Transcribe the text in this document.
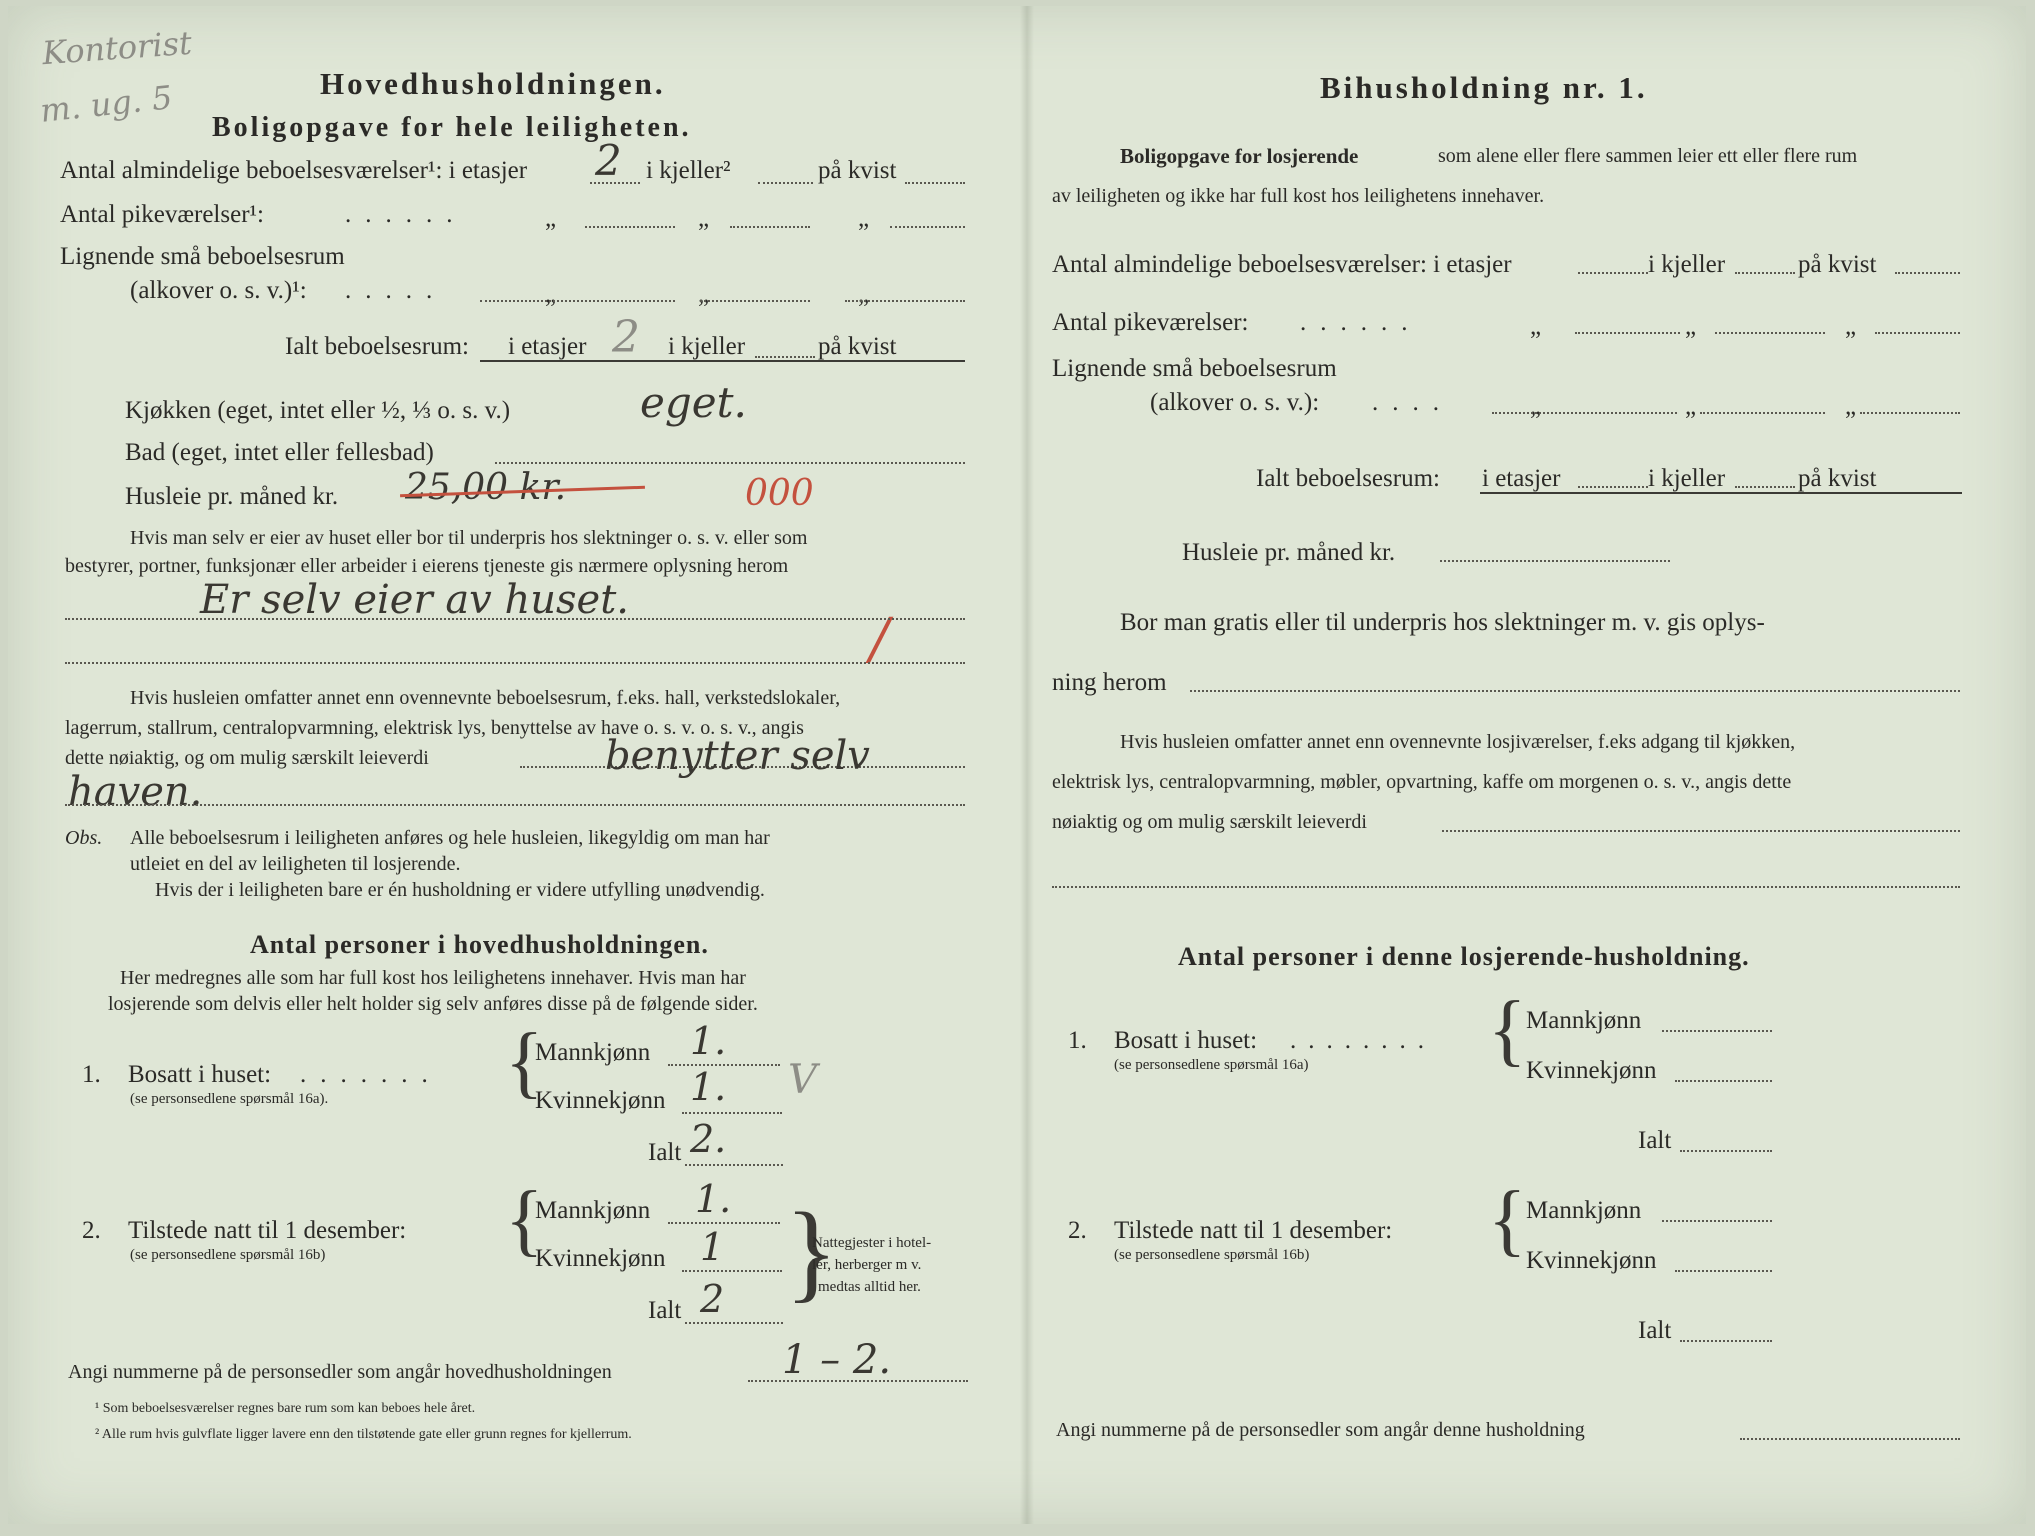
Kontorist
m. ug. 5	Hovedhusholdningen.
Boligopgave for hele leiligheten.
Antal almindelige beboelsesværelser¹: i etasjer 2 i kjeller²	på kvist
Antal pikeværelser¹:	......	„	„	„
Lignende små beboelsesrum
(alkover o. s. v.)¹: .....	„	„	„
Ialt beboelsesrum: i etasjer 2 i kjeller	på kvist
Kjøkken (eget, intet eller ½, ⅓ o. s. v.)	eget.
Bad (eget, intet eller fellesbad)
Husleie pr. måned kr. 25,00 kr.	000
Hvis man selv er eier av huset eller bor til underpris hos slektninger o. s. v. eller som
bestyrer, portner, funksjonær eller arbeider i eierens tjeneste gis nærmere oplysning herom
Er selv eier av huset.
/
Hvis husleien omfatter annet enn ovennevnte beboelsesrum, f.eks. hall, verkstedslokaler,
lagerrum, stallrum, centralopvarmning, elektrisk lys, benyttelse av have o. s. v. o. s. v., angis
dette nøiaktig, og om mulig særskilt leieverdi	benytter selv
haven.
Obs. Alle beboelsesrum i leiligheten anføres og hele husleien, likegyldig om man har
utleiet en del av leiligheten til losjerende.
Hvis der i leiligheten bare er én husholdning er videre utfylling unødvendig.
Antal personer i hovedhusholdningen.
Her medregnes alle som har full kost hos leilighetens innehaver. Hvis man har
losjerende som delvis eller helt holder sig selv anføres disse på de følgende sider.
1. Bosatt i huset: .......
(se personsedlene spørsmål 16a). {
Mannkjønn 1.
Kvinnekjønn 1. V
Ialt 2.
2. Tilstede natt til 1 desember:
(se personsedlene spørsmål 16b) {
Mannkjønn 1.
Kvinnekjønn 1
Ialt 2 }
Nattegjester i hotel-
ler, herberger m v.
medtas alltid her.
Angi nummerne på de personsedler som angår hovedhusholdningen	1 – 2.
¹ Som beboelsesværelser regnes bare rum som kan beboes hele året.
² Alle rum hvis gulvflate ligger lavere enn den tilstøtende gate eller grunn regnes for kjellerrum.
Bihusholdning nr. 1.
Boligopgave for losjerende	som alene eller flere sammen leier ett eller flere rum
av leiligheten og ikke har full kost hos leilighetens innehaver.
Antal almindelige beboelsesværelser: i etasjer	i kjeller	på kvist
Antal pikeværelser: ......	„	„	„
Lignende små beboelsesrum
(alkover o. s. v.): ....	„	„	„
Ialt beboelsesrum: i etasjer	i kjeller	på kvist
Husleie pr. måned kr.
Bor man gratis eller til underpris hos slektninger m. v. gis oplys-
ning herom
Hvis husleien omfatter annet enn ovennevnte losjiværelser, f.eks adgang til kjøkken,
elektrisk lys, centralopvarmning, møbler, opvartning, kaffe om morgenen o. s. v., angis dette
nøiaktig og om mulig særskilt leieverdi
Antal personer i denne losjerende-husholdning.
1. Bosatt i huset: ........
(se personsedlene spørsmål 16a) { Mannkjønn
Kvinnekjønn
Ialt
2. Tilstede natt til 1 desember:
(se personsedlene spørsmål 16b) { Mannkjønn
Kvinnekjønn
Ialt
Angi nummerne på de personsedler som angår denne husholdning
